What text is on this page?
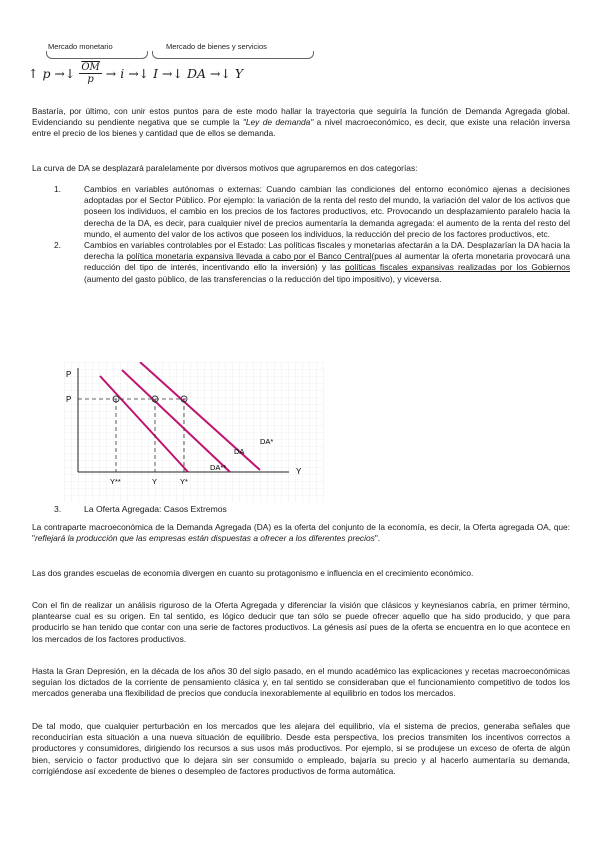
Mercado monetario	Mercado de bienes y servicios
↑ p →↓ $\frac{\overline{OM}}{p} \to i$ →↓ I →↓ DA →↓ Y
Bastaría, por último, con unir estos puntos para de este modo hallar la trayectoria que seguiría la función de Demanda Agregada global. Evidenciando su pendiente negativa que se cumple la "Ley de demanda" a nivel macroeconómico, es decir, que existe una relación inversa entre el precio de los bienes y cantidad que de ellos se demanda.
La curva de DA se desplazará paralelamente por diversos motivos que agruparemos en dos categorías:
1.	Cambios en variables autónomas o externas: Cuando cambian las condiciones del entorno económico ajenas a decisiones adoptadas por el Sector Público. Por ejemplo: la variación de la renta del resto del mundo, la variación del valor de los activos que poseen los individuos, el cambio en los precios de los factores productivos, etc. Provocando un desplazamiento paralelo hacia la derecha de la DA, es decir, para cualquier nivel de precios aumentaría la demanda agregada: el aumento de la renta del resto del mundo, el aumento del valor de los activos que poseen los individuos, la reducción del precio de los factores productivos, etc.
2.	Cambios en variables controlables por el Estado: Las políticas fiscales y monetarias afectarán a la DA. Desplazarían la DA hacia la derecha la política monetaria expansiva llevada a cabo por el Banco Central(pues al aumentar la oferta monetaria provocará una reducción del tipo de interés, incentivando ello la inversión) y las políticas fiscales expansivas realizadas por los Gobiernos (aumento del gasto público, de las transferencias o la reducción del tipo impositivo), y viceversa.
P
Y
P
DA
DA*
DA**
Y**	Y	Y*
3.	La Oferta Agregada: Casos Extremos
La contraparte macroeconómica de la Demanda Agregada (DA) es la oferta del conjunto de la economía, es decir, la Oferta agregada OA, que: "reflejará la producción que las empresas están dispuestas a ofrecer a los diferentes precios".
Las dos grandes escuelas de economía divergen en cuanto su protagonismo e influencia en el crecimiento económico.
Con el fin de realizar un análisis riguroso de la Oferta Agregada y diferenciar la visión que clásicos y keynesianos cabría, en primer término, plantearse cual es su origen. En tal sentido, es lógico deducir que tan sólo se puede ofrecer aquello que ha sido producido, y que para producirlo se han tenido que contar con una serie de factores productivos. La génesis así pues de la oferta se encuentra en lo que acontece en los mercados de los factores productivos.
Hasta la Gran Depresión, en la década de los años 30 del siglo pasado, en el mundo académico las explicaciones y recetas macroeconómicas seguían los dictados de la corriente de pensamiento clásica y, en tal sentido se consideraban que el funcionamiento competitivo de todos los mercados generaba una flexibilidad de precios que conducía inexorablemente al equilibrio en todos los mercados.
De tal modo, que cualquier perturbación en los mercados que les alejara del equilibrio, vía el sistema de precios, generaba señales que reconducirían esta situación a una nueva situación de equilibrio. Desde esta perspectiva, los precios transmiten los incentivos correctos a productores y consumidores, dirigiendo los recursos a sus usos más productivos. Por ejemplo, si se produjese un exceso de oferta de algún bien, servicio o factor productivo que lo dejara sin ser consumido o empleado, bajaría su precio y al hacerlo aumentaría su demanda, corrigiéndose así excedente de bienes o desempleo de factores productivos de forma automática.
